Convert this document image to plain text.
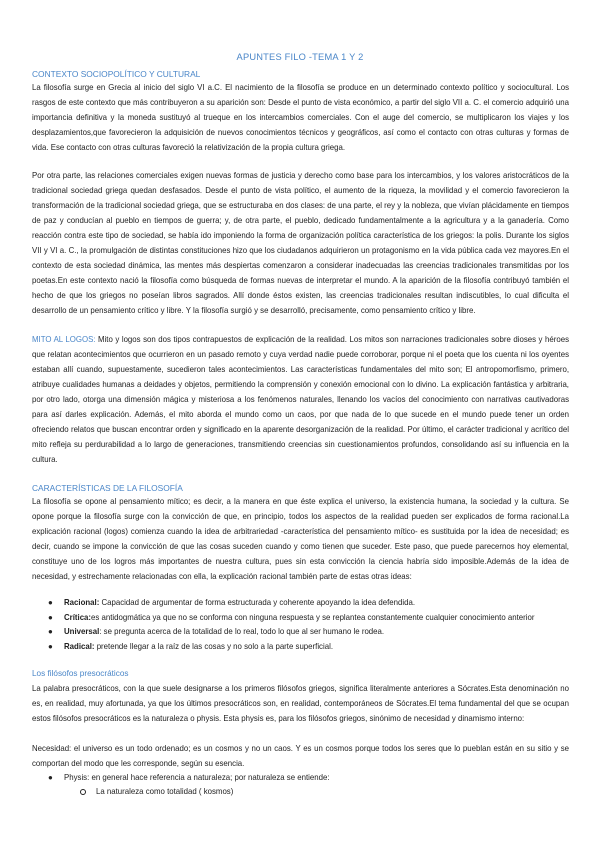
APUNTES FILO -TEMA 1 Y 2
CONTEXTO SOCIOPOLÍTICO Y CULTURAL

La filosofía surge en Grecia al inicio del siglo VI a.C. El nacimiento de la filosofía se produce en un determinado contexto político y sociocultural. Los rasgos de este contexto que más contribuyeron a su aparición son: Desde el punto de vista económico, a partir del siglo VII a. C. el comercio adquirió una importancia definitiva y la moneda sustituyó al trueque en los intercambios comerciales. Con el auge del comercio, se multiplicaron los viajes y los desplazamientos,que favorecieron la adquisición de nuevos conocimientos técnicos y geográficos, así como el contacto con otras culturas y formas de vida. Ese contacto con otras culturas favoreció la relativización de la propia cultura griega.

Por otra parte, las relaciones comerciales exigen nuevas formas de justicia y derecho como base para los intercambios, y los valores aristocráticos de la tradicional sociedad griega quedan desfasados. Desde el punto de vista político, el aumento de la riqueza, la movilidad y el comercio favorecieron la transformación de la tradicional sociedad griega, que se estructuraba en dos clases: de una parte, el rey y la nobleza, que vivían plácidamente en tiempos de paz y conducían al pueblo en tiempos de guerra; y, de otra parte, el pueblo, dedicado fundamentalmente a la agricultura y a la ganadería. Como reacción contra este tipo de sociedad, se había ido imponiendo la forma de organización política característica de los griegos: la polis. Durante los siglos VII y VI a. C., la promulgación de distintas constituciones hizo que los ciudadanos adquirieron un protagonismo en la vida pública cada vez mayores.En el contexto de esta sociedad dinámica, las mentes más despiertas comenzaron a considerar inadecuadas las creencias tradicionales transmitidas por los poetas.En este contexto nació la filosofía como búsqueda de formas nuevas de interpretar el mundo. A la aparición de la filosofía contribuyó también el hecho de que los griegos no poseían libros sagrados. Allí donde éstos existen, las creencias tradicionales resultan indiscutibles, lo cual dificulta el desarrollo de un pensamiento crítico y libre. Y la filosofía surgió y se desarrolló, precisamente, como pensamiento crítico y libre.

MITO AL LOGOS: Mito y logos son dos tipos contrapuestos de explicación de la realidad. Los mitos son narraciones tradicionales sobre dioses y héroes que relatan acontecimientos que ocurrieron en un pasado remoto y cuya verdad nadie puede corroborar, porque ni el poeta que los cuenta ni los oyentes estaban allí cuando, supuestamente, sucedieron tales acontecimientos. Las características fundamentales del mito son; El antropomorfismo, primero, atribuye cualidades humanas a deidades y objetos, permitiendo la comprensión y conexión emocional con lo divino. La explicación fantástica y arbitraria, por otro lado, otorga una dimensión mágica y misteriosa a los fenómenos naturales, llenando los vacíos del conocimiento con narrativas cautivadoras para así darles explicación. Además, el mito aborda el mundo como un caos, por que nada de lo que sucede en el mundo puede tener un orden ofreciendo relatos que buscan encontrar orden y significado en la aparente desorganización de la realidad. Por último, el carácter tradicional y acrítico del mito refleja su perdurabilidad a lo largo de generaciones, transmitiendo creencias sin cuestionamientos profundos, consolidando así su influencia en la cultura.

CARACTERÍSTICAS DE LA FILOSOFÍA

La filosofía se opone al pensamiento mítico; es decir, a la manera en que éste explica el universo, la existencia humana, la sociedad y la cultura. Se opone porque la filosofía surge con la convicción de que, en principio, todos los aspectos de la realidad pueden ser explicados de forma racional.La explicación racional (logos) comienza cuando la idea de arbitrariedad -característica del pensamiento mítico- es sustituida por la idea de necesidad; es decir, cuando se impone la convicción de que las cosas suceden cuando y como tienen que suceder. Este paso, que puede parecernos hoy elemental, constituye uno de los logros más importantes de nuestra cultura, pues sin esta convicción la ciencia habría sido imposible.Además de la idea de necesidad, y estrechamente relacionadas con ella, la explicación racional también parte de estas otras ideas:

● Racional: Capacidad de argumentar de forma estructurada y coherente apoyando la idea defendida.
● Crítica:es antidogmática ya que no se conforma con ninguna respuesta y se replantea constantemente cualquier conocimiento anterior
● Universal: se pregunta acerca de la totalidad de lo real, todo lo que al ser humano le rodea.
● Radical: pretende llegar a la raíz de las cosas y no solo a la parte superficial.
Los filósofos presocráticos

La palabra presocráticos, con la que suele designarse a los primeros filósofos griegos, significa literalmente anteriores a Sócrates.Esta denominación no es, en realidad, muy afortunada, ya que los últimos presocráticos son, en realidad, contemporáneos de Sócrates.El tema fundamental del que se ocupan estos filósofos presocráticos es la naturaleza o physis. Esta physis es, para los filósofos griegos, sinónimo de necesidad y dinamismo interno:

Necesidad: el universo es un todo ordenado; es un cosmos y no un caos. Y es un cosmos porque todos los seres que lo pueblan están en su sitio y se comportan del modo que les corresponde, según su esencia.

● Physis: en general hace referencia a naturaleza; por naturaleza se entiende:
La naturaleza como totalidad ( kosmos)
